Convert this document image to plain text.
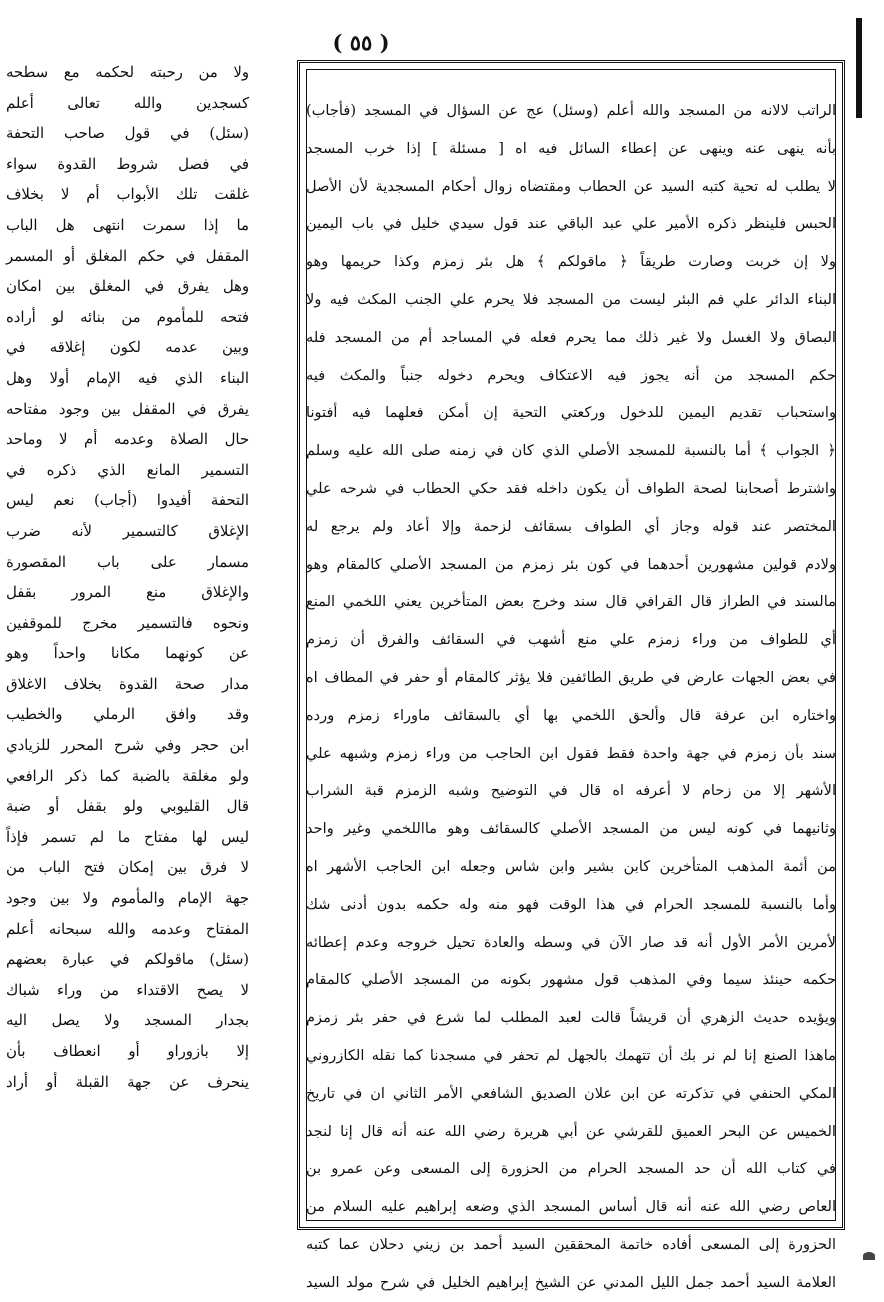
( ٥٥ )
الراتب لالانه من المسجد والله أعلم (وسئل) عج عن السؤال في المسجد (فأجاب)
بأنه ينهى عنه وينهى عن إعطاء السائل فيه اه [ مسئلة ] إذا خرب المسجد
لا يطلب له تحية كتبه السيد عن الحطاب ومقتضاه زوال أحكام المسجدية لأن الأصل
الحبس فلينظر ذكره الأمير علي عبد الباقي عند قول سيدي خليل في باب اليمين
ولا إن خربت وصارت طريقاً ﴿ ماقولكم ﴾ هل بئر زمزم وكذا حريمها وهو
البناء الدائر علي فم البئر ليست من المسجد فلا يحرم علي الجنب المكث فيه ولا
البصاق ولا الغسل ولا غير ذلك مما يحرم فعله في المساجد أم من المسجد فله
حكم المسجد من أنه يجوز فيه الاعتكاف ويحرم دخوله جنباً والمكث فيه
واستحباب تقديم اليمين للدخول وركعتي التحية إن أمكن فعلهما فيه أفتونا
﴿ الجواب ﴾ أما بالنسبة للمسجد الأصلي الذي كان في زمنه صلى الله عليه وسلم
واشترط أصحابنا لصحة الطواف أن يكون داخله فقد حكي الحطاب في شرحه علي
المختصر عند قوله وجاز أي الطواف بسقائف لزحمة وإلا أعاد ولم يرجع له
ولادم قولين مشهورين أحدهما في كون بئر زمزم من المسجد الأصلي كالمقام وهو
مالسند في الطراز قال القرافي قال سند وخرج بعض المتأخرين يعني اللخمي المنع
أي للطواف من وراء زمزم علي منع أشهب في السقائف والفرق أن زمزم
في بعض الجهات عارض في طريق الطائفين فلا يؤثر كالمقام أو حفر في المطاف اه
واختاره ابن عرفة قال وألحق اللخمي بها أي بالسقائف ماوراء زمزم ورده
سند بأن زمزم في جهة واحدة فقط فقول ابن الحاجب من وراء زمزم وشبهه علي
الأشهر إلا من زحام لا أعرفه اه قال في التوضيح وشبه الزمزم قبة الشراب
وثانيهما في كونه ليس من المسجد الأصلي كالسقائف وهو مااللخمي وغير واحد
من أئمة المذهب المتأخرين كابن بشير وابن شاس وجعله ابن الحاجب الأشهر اه
وأما بالنسبة للمسجد الحرام في هذا الوقت فهو منه وله حكمه بدون أدنى شك
لأمرين الأمر الأول أنه قد صار الآن في وسطه والعادة تحيل خروجه وعدم إعطائه
حكمه حينئذ سيما وفي المذهب قول مشهور بكونه من المسجد الأصلي كالمقام
ويؤيده حديث الزهري أن قريشاً قالت لعبد المطلب لما شرع في حفر بئر زمزم
ماهذا الصنع إنا لم نر بك أن تتهمك بالجهل لم تحفر في مسجدنا كما نقله الكازروني
المكي الحنفي في تذكرته عن ابن علان الصديق الشافعي الأمر الثاني ان في تاريخ
الخميس عن البحر العميق للقرشي عن أبي هريرة رضي الله عنه أنه قال إنا لنجد
في كتاب الله أن حد المسجد الحرام من الحزورة إلى المسعى وعن عمرو بن
العاص رضي الله عنه أنه قال أساس المسجد الذي وضعه إبراهيم عليه السلام من
الحزورة إلى المسعى أفاده خاتمة المحققين السيد أحمد بن زيني دحلان عما كتبه
العلامة السيد أحمد جمل الليل المدني عن الشيخ إبراهيم الخليل في شرح مولد السيد
ولا من رحبته لحكمه مع سطحه
كسجدين والله تعالى أعلم
(سئل) في قول صاحب التحفة
في فصل شروط القدوة سواء
غلقت تلك الأبواب أم لا بخلاف
ما إذا سمرت انتهى هل الباب
المقفل في حكم المغلق أو المسمر
وهل يفرق في المغلق بين امكان
فتحه للمأموم من بنائه لو أراده
وبين عدمه لكون إغلاقه في
البناء الذي فيه الإمام أولا وهل
يفرق في المقفل بين وجود مفتاحه
حال الصلاة وعدمه أم لا وماحد
التسمير المانع الذي ذكره في
التحفة أفيدوا (أجاب) نعم ليس
الإغلاق كالتسمير لأنه ضرب
مسمار على باب المقصورة
والإغلاق منع المرور بقفل
ونحوه فالتسمير مخرج للموقفين
عن كونهما مكانا واحداً وهو
مدار صحة القدوة بخلاف الاغلاق
وقد وافق الرملي والخطيب
ابن حجر وفي شرح المحرر للزيادي
ولو مغلقة بالضبة كما ذكر الرافعي
قال القليوبي ولو بقفل أو ضبة
ليس لها مفتاح ما لم تسمر فإذاً
لا فرق بين إمكان فتح الباب من
جهة الإمام والمأموم ولا بين وجود
المفتاح وعدمه والله سبحانه أعلم
(سئل) ماقولكم في عبارة بعضهم
لا يصح الاقتداء من وراء شباك
بجدار المسجد ولا يصل اليه
إلا بازوراو أو انعطاف بأن
ينحرف عن جهة القبلة أو أراد
